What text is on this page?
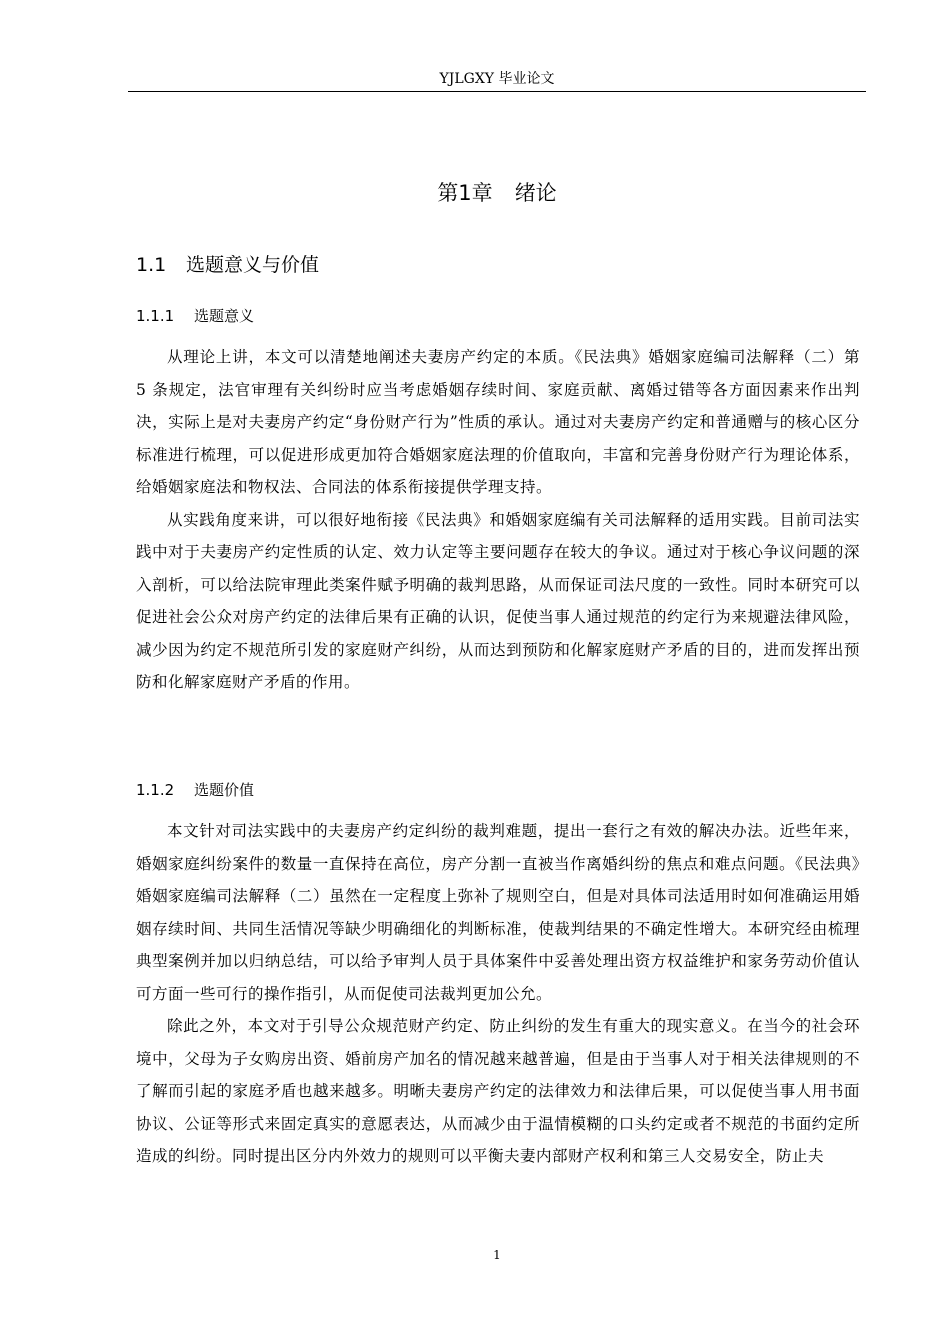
YJLGXY 毕业论文
第1章 绪论
1.1 选题意义与价值
1.1.1 选题意义

从理论上讲，本文可以清楚地阐述夫妻房产约定的本质。《民法典》婚姻家庭编司法解释（二）第 5 条规定，法官审理有关纠纷时应当考虑婚姻存续时间、家庭贡献、离婚过错等各方面因素来作出判决，实际上是对夫妻房产约定“身份财产行为”性质的承认。通过对夫妻房产约定和普通赠与的核心区分标准进行梳理，可以促进形成更加符合婚姻家庭法理的价值取向，丰富和完善身份财产行为理论体系，给婚姻家庭法和物权法、合同法的体系衔接提供学理支持。

从实践角度来讲，可以很好地衔接《民法典》和婚姻家庭编有关司法解释的适用实践。目前司法实践中对于夫妻房产约定性质的认定、效力认定等主要问题存在较大的争议。通过对于核心争议问题的深入剖析，可以给法院审理此类案件赋予明确的裁判思路，从而保证司法尺度的一致性。同时本研究可以促进社会公众对房产约定的法律后果有正确的认识，促使当事人通过规范的约定行为来规避法律风险，减少因为约定不规范所引发的家庭财产纠纷，从而达到预防和化解家庭财产矛盾的目的，进而发挥出预防和化解家庭财产矛盾的作用。

1.1.2 选题价值

本文针对司法实践中的夫妻房产约定纠纷的裁判难题，提出一套行之有效的解决办法。近些年来，婚姻家庭纠纷案件的数量一直保持在高位，房产分割一直被当作离婚纠纷的焦点和难点问题。《民法典》婚姻家庭编司法解释（二）虽然在一定程度上弥补了规则空白，但是对具体司法适用时如何准确运用婚姻存续时间、共同生活情况等缺少明确细化的判断标准，使裁判结果的不确定性增大。本研究经由梳理典型案例并加以归纳总结，可以给予审判人员于具体案件中妥善处理出资方权益维护和家务劳动价值认可方面一些可行的操作指引，从而促使司法裁判更加公允。

除此之外，本文对于引导公众规范财产约定、防止纠纷的发生有重大的现实意义。在当今的社会环境中，父母为子女购房出资、婚前房产加名的情况越来越普遍，但是由于当事人对于相关法律规则的不了解而引起的家庭矛盾也越来越多。明晰夫妻房产约定的法律效力和法律后果，可以促使当事人用书面协议、公证等形式来固定真实的意愿表达，从而减少由于温情模糊的口头约定或者不规范的书面约定所造成的纠纷。同时提出区分内外效力的规则可以平衡夫妻内部财产权利和第三人交易安全，防止夫

1
